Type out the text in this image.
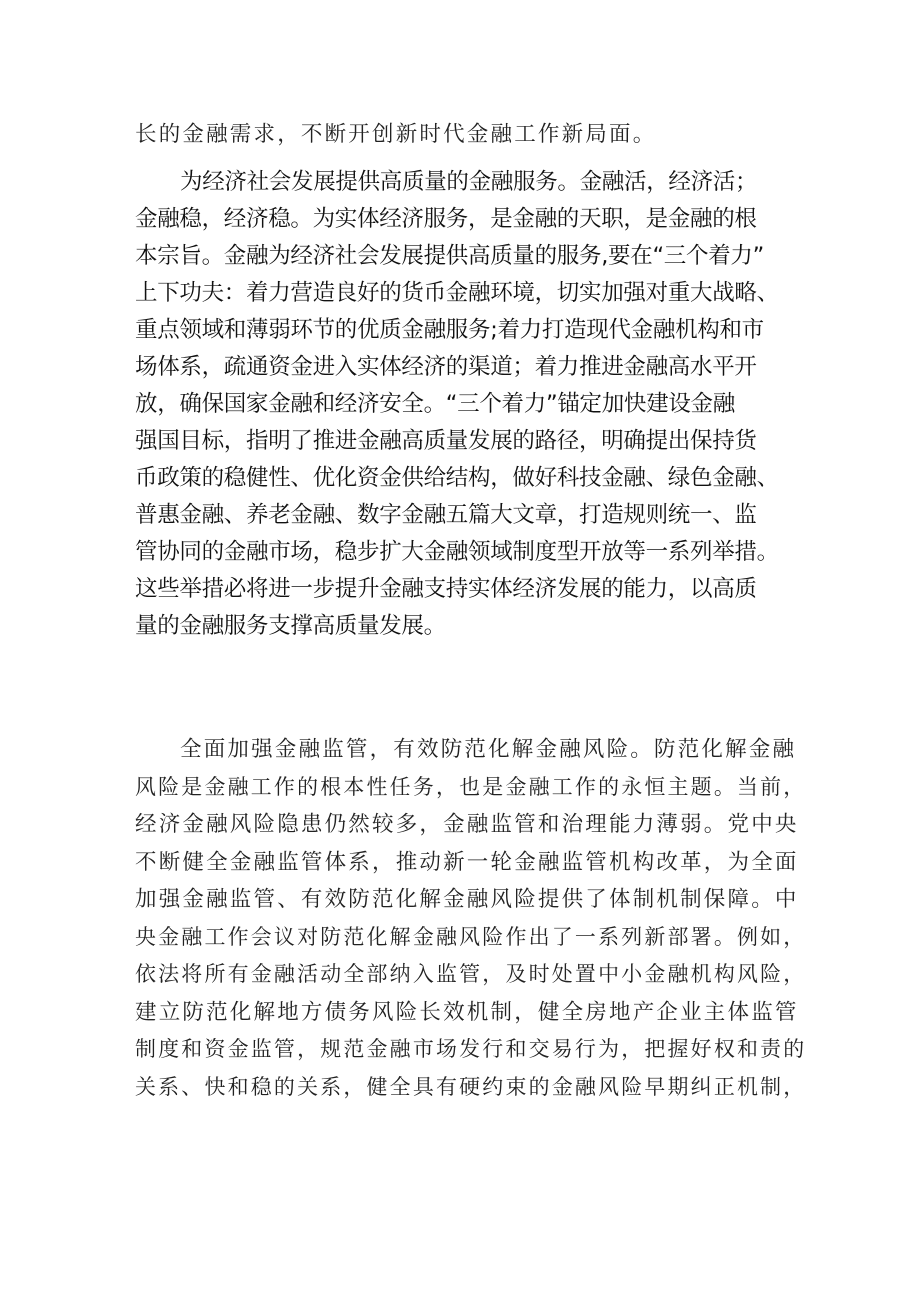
长的金融需求，不断开创新时代金融工作新局面。
为经济社会发展提供高质量的金融服务。金融活，经济活；
金融稳，经济稳。为实体经济服务，是金融的天职，是金融的根
本宗旨。金融为经济社会发展提供高质量的服务,要在“三个着力”
上下功夫：着力营造良好的货币金融环境，切实加强对重大战略、
重点领域和薄弱环节的优质金融服务;着力打造现代金融机构和市
场体系，疏通资金进入实体经济的渠道；着力推进金融高水平开
放，确保国家金融和经济安全。“三个着力”锚定加快建设金融
强国目标，指明了推进金融高质量发展的路径，明确提出保持货
币政策的稳健性、优化资金供给结构，做好科技金融、绿色金融、
普惠金融、养老金融、数字金融五篇大文章，打造规则统一、监
管协同的金融市场，稳步扩大金融领域制度型开放等一系列举措。
这些举措必将进一步提升金融支持实体经济发展的能力，以高质
量的金融服务支撑高质量发展。
全面加强金融监管，有效防范化解金融风险。防范化解金融
风险是金融工作的根本性任务，也是金融工作的永恒主题。当前，
经济金融风险隐患仍然较多，金融监管和治理能力薄弱。党中央
不断健全金融监管体系，推动新一轮金融监管机构改革，为全面
加强金融监管、有效防范化解金融风险提供了体制机制保障。中
央金融工作会议对防范化解金融风险作出了一系列新部署。例如，
依法将所有金融活动全部纳入监管，及时处置中小金融机构风险，
建立防范化解地方债务风险长效机制，健全房地产企业主体监管
制度和资金监管，规范金融市场发行和交易行为，把握好权和责的
关系、快和稳的关系，健全具有硬约束的金融风险早期纠正机制，
